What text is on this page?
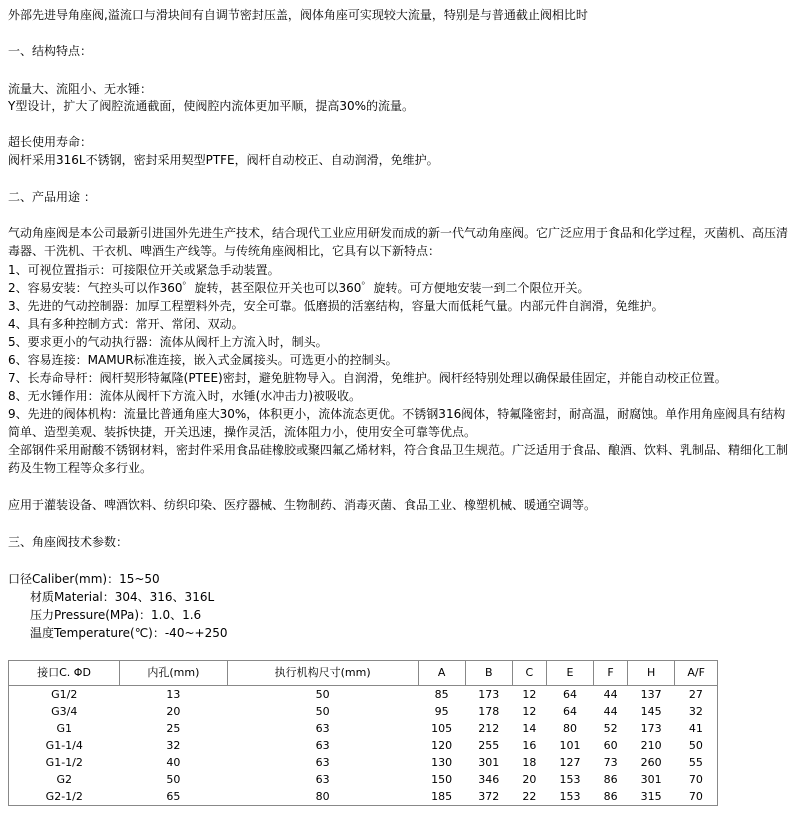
外部先进导角座阀,溢流口与滑块间有自调节密封压盖，阀体角座可实现较大流量，特别是与普通截止阀相比时
一、结构特点：
流量大、流阻小、无水锤：
Y型设计，扩大了阀腔流通截面，使阀腔内流体更加平顺，提高30%的流量。
超长使用寿命：
阀杆采用316L不锈钢，密封采用契型PTFE，阀杆自动校正、自动润滑，免维护。
二、产品用途 ：
气动角座阀是本公司最新引进国外先进生产技术，结合现代工业应用研发而成的新一代气动角座阀。它广泛应用于食品和化学过程，灭菌机、高压清毒器、干洗机、干衣机、啤酒生产线等。与传统角座阀相比，它具有以下新特点：
1、可视位置指示：可接限位开关或紧急手动装置。
2、容易安装：气控头可以作360゜旋转，甚至限位开关也可以360゜旋转。可方便地安装一到二个限位开关。
3、先进的气动控制器：加厚工程塑料外壳，安全可靠。低磨损的活塞结构，容量大而低耗气量。内部元件自润滑，免维护。
4、具有多种控制方式：常开、常闭、双动。
5、要求更小的气动执行器：流体从阀杆上方流入时，制头。
6、容易连接：MAMUR标准连接，嵌入式金属接头。可选更小的控制头。
7、长寿命导杆：阀杆契形特氟隆(PTEE)密封，避免脏物导入。自润滑，免维护。阀杆经特别处理以确保最佳固定，并能自动校正位置。
8、无水锤作用：流体从阀杆下方流入时，水锤(水冲击力)被吸收。
9、先进的阀体机构：流量比普通角座大30%，体积更小，流体流态更优。不锈钢316阀体，特氟隆密封，耐高温，耐腐蚀。单作用角座阀具有结构简单、造型美观、装拆快捷，开关迅速，操作灵活，流体阻力小，使用安全可靠等优点。
全部钢件采用耐酸不锈钢材料，密封件采用食品硅橡胶或聚四氟乙烯材料，符合食品卫生规范。广泛适用于食品、酿酒、饮料、乳制品、精细化工制药及生物工程等众多行业。
应用于灌装设备、啤酒饮料、纺织印染、医疗器械、生物制药、消毒灭菌、食品工业、橡塑机械、暖通空调等。
三、角座阀技术参数：
口径Caliber(mm)：15~50
材质Material：304、316、316L
压力Pressure(MPa)：1.0、1.6
温度Temperature(℃)：-40~+250
接口C. ΦD	内孔(mm)	执行机构尺寸(mm)	A	B	C	E	F	H	A/F
G1/2	13	50	85	173	12	64	44	137	27
G3/4	20	50	95	178	12	64	44	145	32
G1	25	63	105	212	14	80	52	173	41
G1-1/4	32	63	120	255	16	101	60	210	50
G1-1/2	40	63	130	301	18	127	73	260	55
G2	50	63	150	346	20	153	86	301	70
G2-1/2	65	80	185	372	22	153	86	315	70
